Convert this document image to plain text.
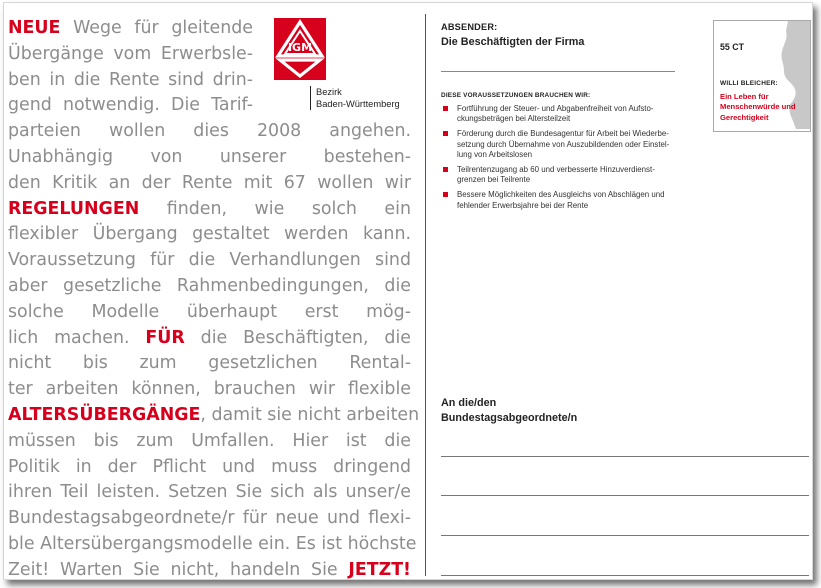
NEUE Wege für gleitende
Übergänge vom Erwerbsle-
ben in die Rente sind drin-
gend notwendig. Die Tarif-
parteien wollen dies 2008 angehen.
Unabhängig von unserer bestehen-
den Kritik an der Rente mit 67 wollen wir
REGELUNGEN finden, wie solch ein
flexibler Übergang gestaltet werden kann.
Voraussetzung für die Verhandlungen sind
aber gesetzliche Rahmenbedingungen, die
solche Modelle überhaupt erst mög-
lich machen. FÜR die Beschäftigten, die
nicht bis zum gesetzlichen Rental-
ter arbeiten können, brauchen wir flexible
ALTERSÜBERGÄNGE, damit sie nicht arbeiten
müssen bis zum Umfallen. Hier ist die
Politik in der Pflicht und muss dringend
ihren Teil leisten. Setzen Sie sich als unser/e
Bundestagsabgeordnete/r für neue und flexi-
ble Altersübergangsmodelle ein. Es ist höchste
Zeit! Warten Sie nicht, handeln Sie JETZT!
IGM
Bezirk
Baden-Württemberg
ABSENDER:
Die Beschäftigten der Firma
DIESE VORAUSSETZUNGEN BRAUCHEN WIR:
Fortführung der Steuer- und Abgabenfreiheit von Aufsto-ckungsbeträgen bei Altersteilzeit
Förderung durch die Bundesagentur für Arbeit bei Wiederbe-setzung durch Übernahme von Auszubildenden oder Einstel-lung von Arbeitslosen
Teilrentenzugang ab 60 und verbesserte Hinzuverdienst-grenzen bei Teilrente
Bessere Möglichkeiten des Ausgleichs von Abschlägen und fehlender Erwerbsjahre bei der Rente
55 CT
WILLI BLEICHER:
Ein Leben für Menschenwürde und Gerechtigkeit
An die/den
Bundestagsabgeordnete/n
